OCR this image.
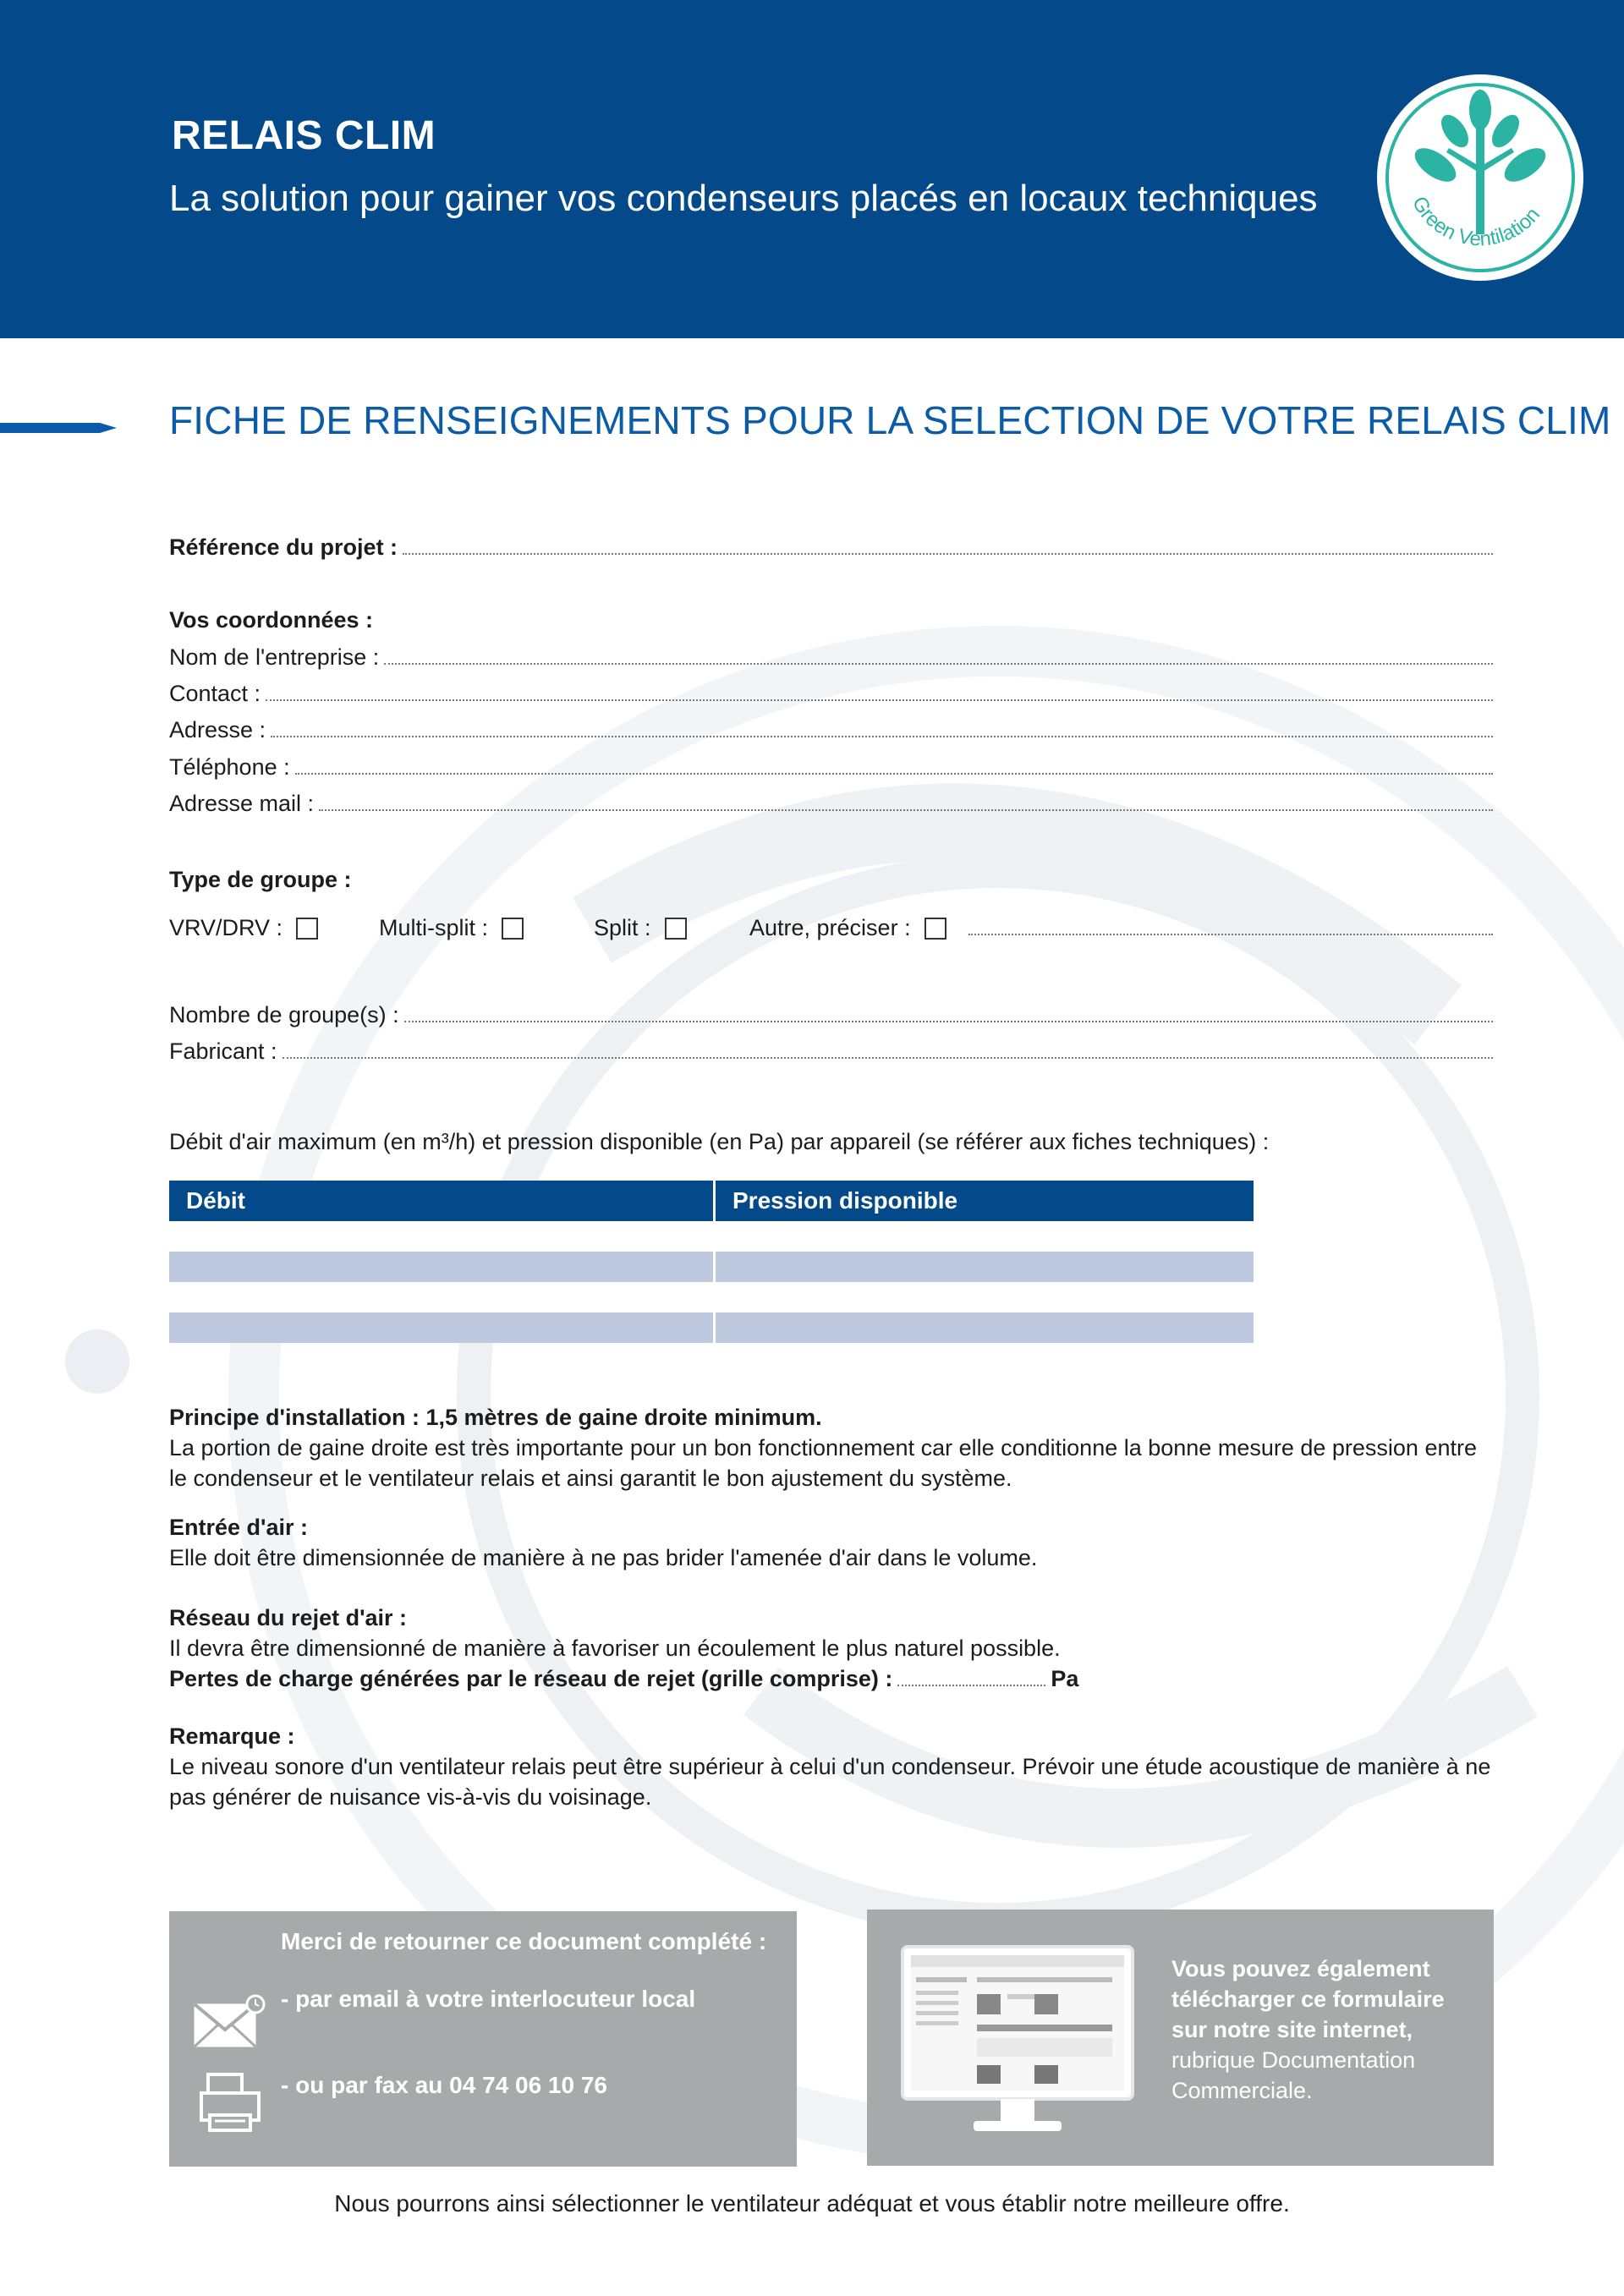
RELAIS CLIM
La solution pour gainer vos condenseurs placés en locaux techniques	Green Ventilation
FICHE DE RENSEIGNEMENTS POUR LA SELECTION DE VOTRE RELAIS CLIM
Référence du projet :
Vos coordonnées :
Nom de l'entreprise :
Contact :
Adresse :
Téléphone :
Adresse mail :
Type de groupe :
VRV/DRV :	Multi-split :	Split :	Autre, préciser :
Nombre de groupe(s) :
Fabricant :
Débit d'air maximum (en m³/h) et pression disponible (en Pa) par appareil (se référer aux fiches techniques) :
Débit	Pression disponible
Principe d'installation : 1,5 mètres de gaine droite minimum.
La portion de gaine droite est très importante pour un bon fonctionnement car elle conditionne la bonne mesure de pression entre le condenseur et le ventilateur relais et ainsi garantit le bon ajustement du système.
Entrée d'air :
Elle doit être dimensionnée de manière à ne pas brider l'amenée d'air dans le volume.
Réseau du rejet d'air :
Il devra être dimensionné de manière à favoriser un écoulement le plus naturel possible.
Pertes de charge générées par le réseau de rejet (grille comprise) :	Pa
Remarque :
Le niveau sonore d'un ventilateur relais peut être supérieur à celui d'un condenseur. Prévoir une étude acoustique de manière à ne pas générer de nuisance vis-à-vis du voisinage.
Merci de retourner ce document complété :
- par email à votre interlocuteur local
- ou par fax au 04 74 06 10 76
Vous pouvez également
télécharger ce formulaire
sur notre site internet,
rubrique Documentation
Commerciale.
Nous pourrons ainsi sélectionner le ventilateur adéquat et vous établir notre meilleure offre.
